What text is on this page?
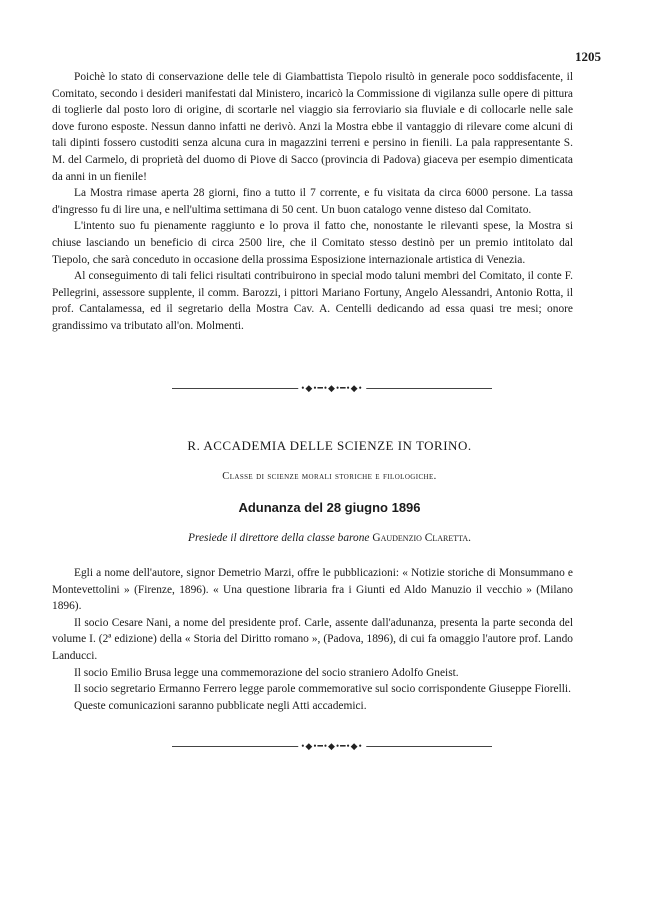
1205

Poichè lo stato di conservazione delle tele di Giambattista Tiepolo risultò in generale poco soddisfacente, il Comitato, secondo i desideri manifestati dal Ministero, incaricò la Commissione di vigilanza sulle opere di pittura di toglierle dal posto loro di origine, di scortarle nel viaggio sia ferroviario sia fluviale e di collocarle nelle sale dove furono esposte. Nessun danno infatti ne derivò. Anzi la Mostra ebbe il vantaggio di rilevare come alcuni di tali dipinti fossero custoditi senza alcuna cura in magazzini terreni e persino in fienili. La pala rappresentante S. M. del Carmelo, di proprietà del duomo di Piove di Sacco (provincia di Padova) giaceva per esempio dimenticata da anni in un fienile!

La Mostra rimase aperta 28 giorni, fino a tutto il 7 corrente, e fu visitata da circa 6000 persone. La tassa d'ingresso fu di lire una, e nell'ultima settimana di 50 cent. Un buon catalogo venne disteso dal Comitato.

L'intento suo fu pienamente raggiunto e lo prova il fatto che, nonostante le rilevanti spese, la Mostra si chiuse lasciando un beneficio di circa 2500 lire, che il Comitato stesso destinò per un premio intitolato dal Tiepolo, che sarà conceduto in occasione della prossima Esposizione internazionale artistica di Venezia.

Al conseguimento di tali felici risultati contribuirono in special modo taluni membri del Comitato, il conte F. Pellegrini, assessore supplente, il comm. Barozzi, i pittori Mariano Fortuny, Angelo Alessandri, Antonio Rotta, il prof. Cantalamessa, ed il segretario della Mostra Cav. A. Centelli dedicando ad essa quasi tre mesi; onore grandissimo va tributato all'on. Molmenti.

•◆•━•◆•━•◆•
R. ACCADEMIA DELLE SCIENZE IN TORINO.
Classe di scienze morali storiche e filologiche.
Adunanza del 28 giugno 1896
Presiede il direttore della classe barone Gaudenzio Claretta.

Egli a nome dell'autore, signor Demetrio Marzi, offre le pubblicazioni: « Notizie storiche di Monsummano e Montevettolini » (Firenze, 1896). « Una questione libraria fra i Giunti ed Aldo Manuzio il vecchio » (Milano 1896).

Il socio Cesare Nani, a nome del presidente prof. Carle, assente dall'adunanza, presenta la parte seconda del volume I. (2ª edizione) della « Storia del Diritto romano », (Padova, 1896), di cui fa omaggio l'autore prof. Lando Landucci.

Il socio Emilio Brusa legge una commemorazione del socio straniero Adolfo Gneist.

Il socio segretario Ermanno Ferrero legge parole commemorative sul socio corrispondente Giuseppe Fiorelli.

Queste comunicazioni saranno pubblicate negli Atti accademici.

•◆•━•◆•━•◆•
